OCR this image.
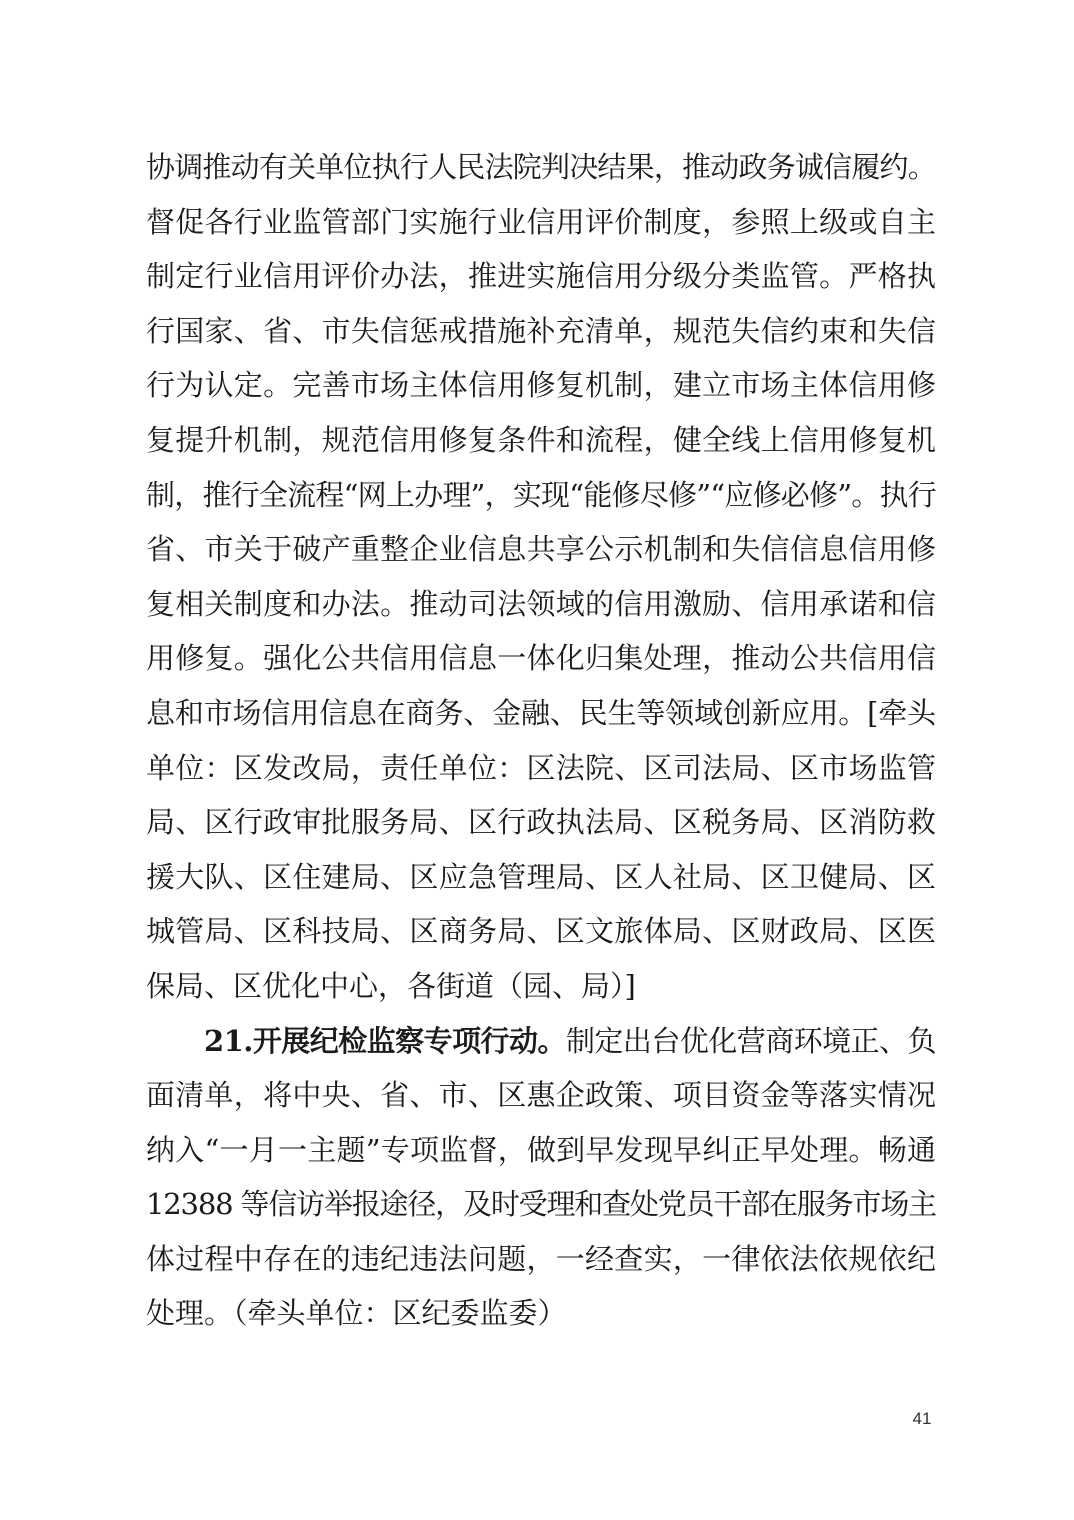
协调推动有关单位执行人民法院判决结果，推动政务诚信履约。
督促各行业监管部门实施行业信用评价制度，参照上级或自主
制定行业信用评价办法，推进实施信用分级分类监管。严格执
行国家、省、市失信惩戒措施补充清单，规范失信约束和失信
行为认定。完善市场主体信用修复机制，建立市场主体信用修
复提升机制，规范信用修复条件和流程，健全线上信用修复机
制，推行全流程“网上办理”，实现“能修尽修”“应修必修”。执行
省、市关于破产重整企业信息共享公示机制和失信信息信用修
复相关制度和办法。推动司法领域的信用激励、信用承诺和信
用修复。强化公共信用信息一体化归集处理，推动公共信用信
息和市场信用信息在商务、金融、民生等领域创新应用。[牵头
单位：区发改局，责任单位：区法院、区司法局、区市场监管
局、区行政审批服务局、区行政执法局、区税务局、区消防救
援大队、区住建局、区应急管理局、区人社局、区卫健局、区
城管局、区科技局、区商务局、区文旅体局、区财政局、区医
保局、区优化中心，各街道（园、局）]
21.开展纪检监察专项行动。制定出台优化营商环境正、负
面清单，将中央、省、市、区惠企政策、项目资金等落实情况
纳入“一月一主题”专项监督，做到早发现早纠正早处理。畅通
12388 等信访举报途径，及时受理和查处党员干部在服务市场主
体过程中存在的违纪违法问题，一经查实，一律依法依规依纪
处理。（牵头单位：区纪委监委）
41
